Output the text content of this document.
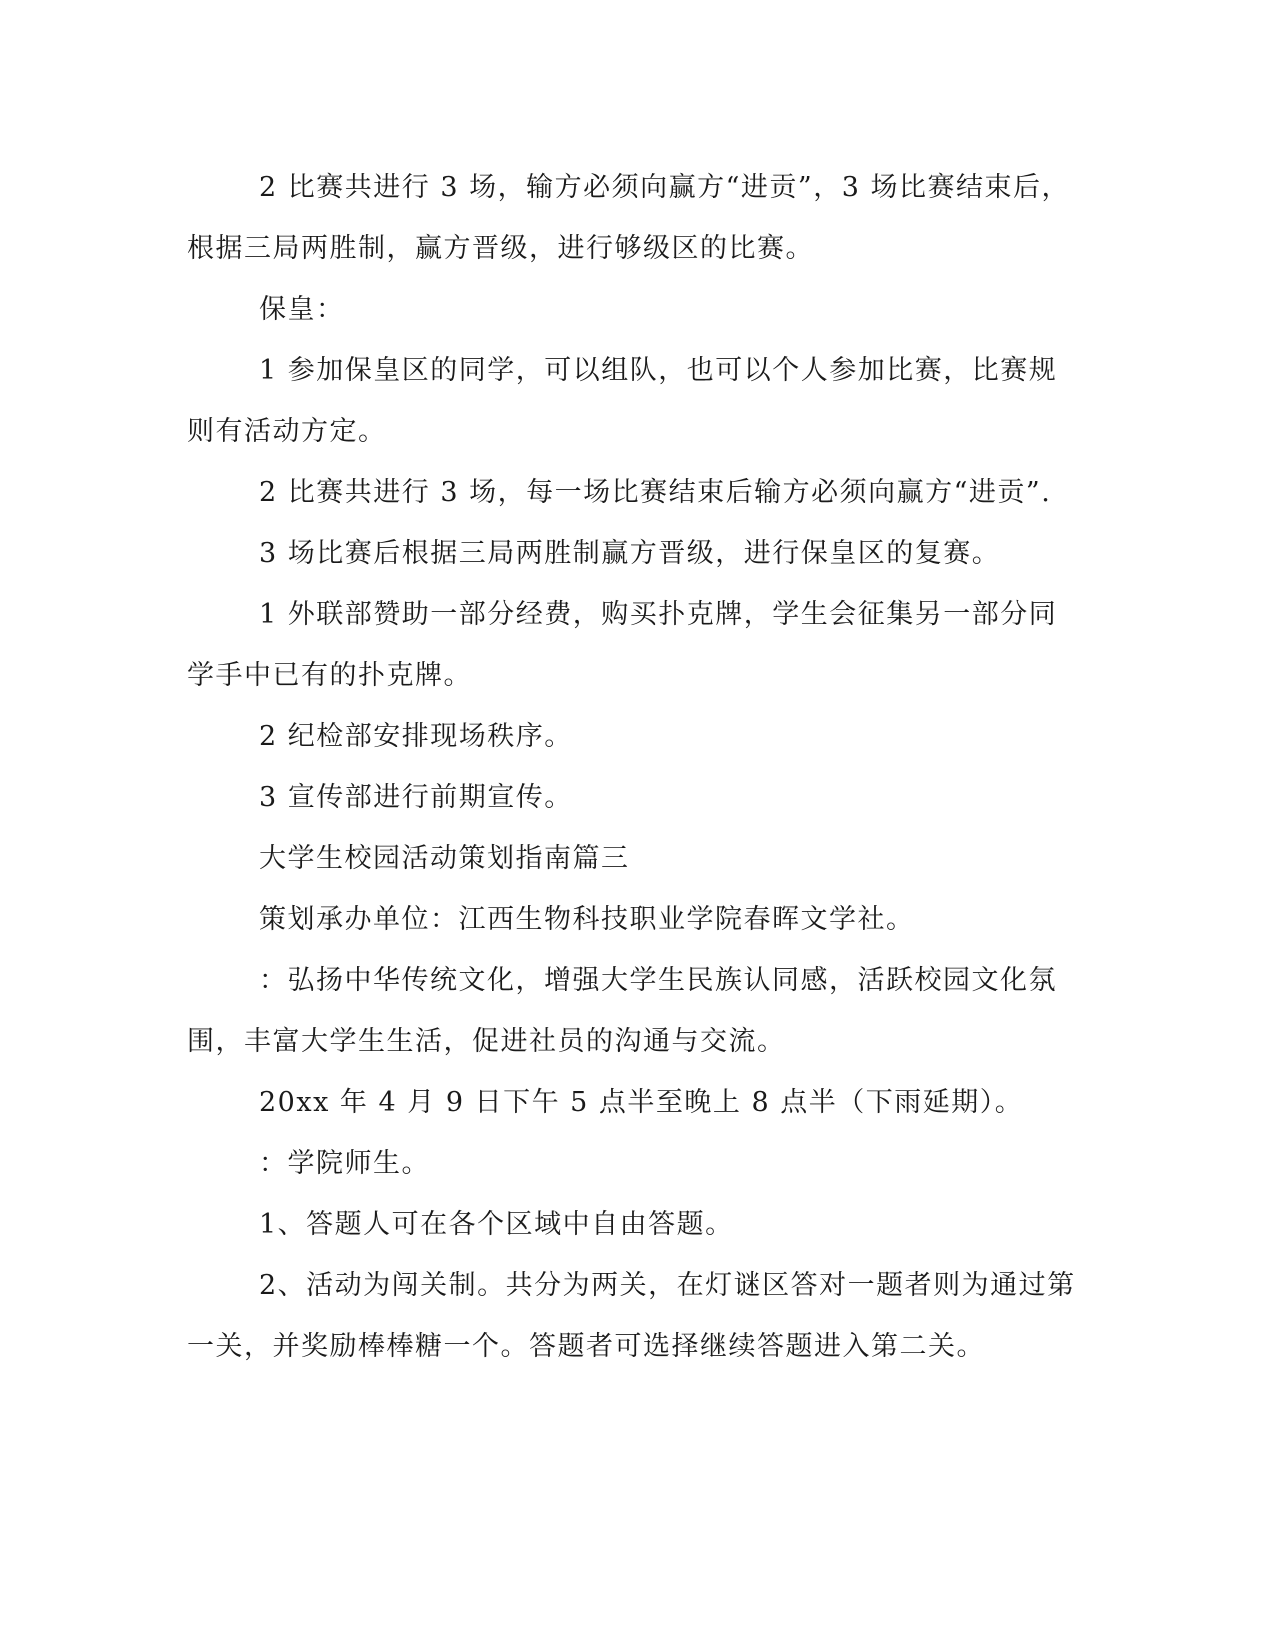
2 比赛共进行 3 场，输方必须向赢方“进贡”，3 场比赛结束后，根据三局两胜制，赢方晋级，进行够级区的比赛。

保皇：

1 参加保皇区的同学，可以组队，也可以个人参加比赛，比赛规则有活动方定。

2 比赛共进行 3 场，每一场比赛结束后输方必须向赢方“进贡”.

3 场比赛后根据三局两胜制赢方晋级，进行保皇区的复赛。

1 外联部赞助一部分经费，购买扑克牌，学生会征集另一部分同学手中已有的扑克牌。

2 纪检部安排现场秩序。

3 宣传部进行前期宣传。

大学生校园活动策划指南篇三

策划承办单位：江西生物科技职业学院春晖文学社。

：弘扬中华传统文化，增强大学生民族认同感，活跃校园文化氛围，丰富大学生生活，促进社员的沟通与交流。

20xx 年 4 月 9 日下午 5 点半至晚上 8 点半（下雨延期）。

：学院师生。

1、答题人可在各个区域中自由答题。

2、活动为闯关制。共分为两关，在灯谜区答对一题者则为通过第一关，并奖励棒棒糖一个。答题者可选择继续答题进入第二关。
